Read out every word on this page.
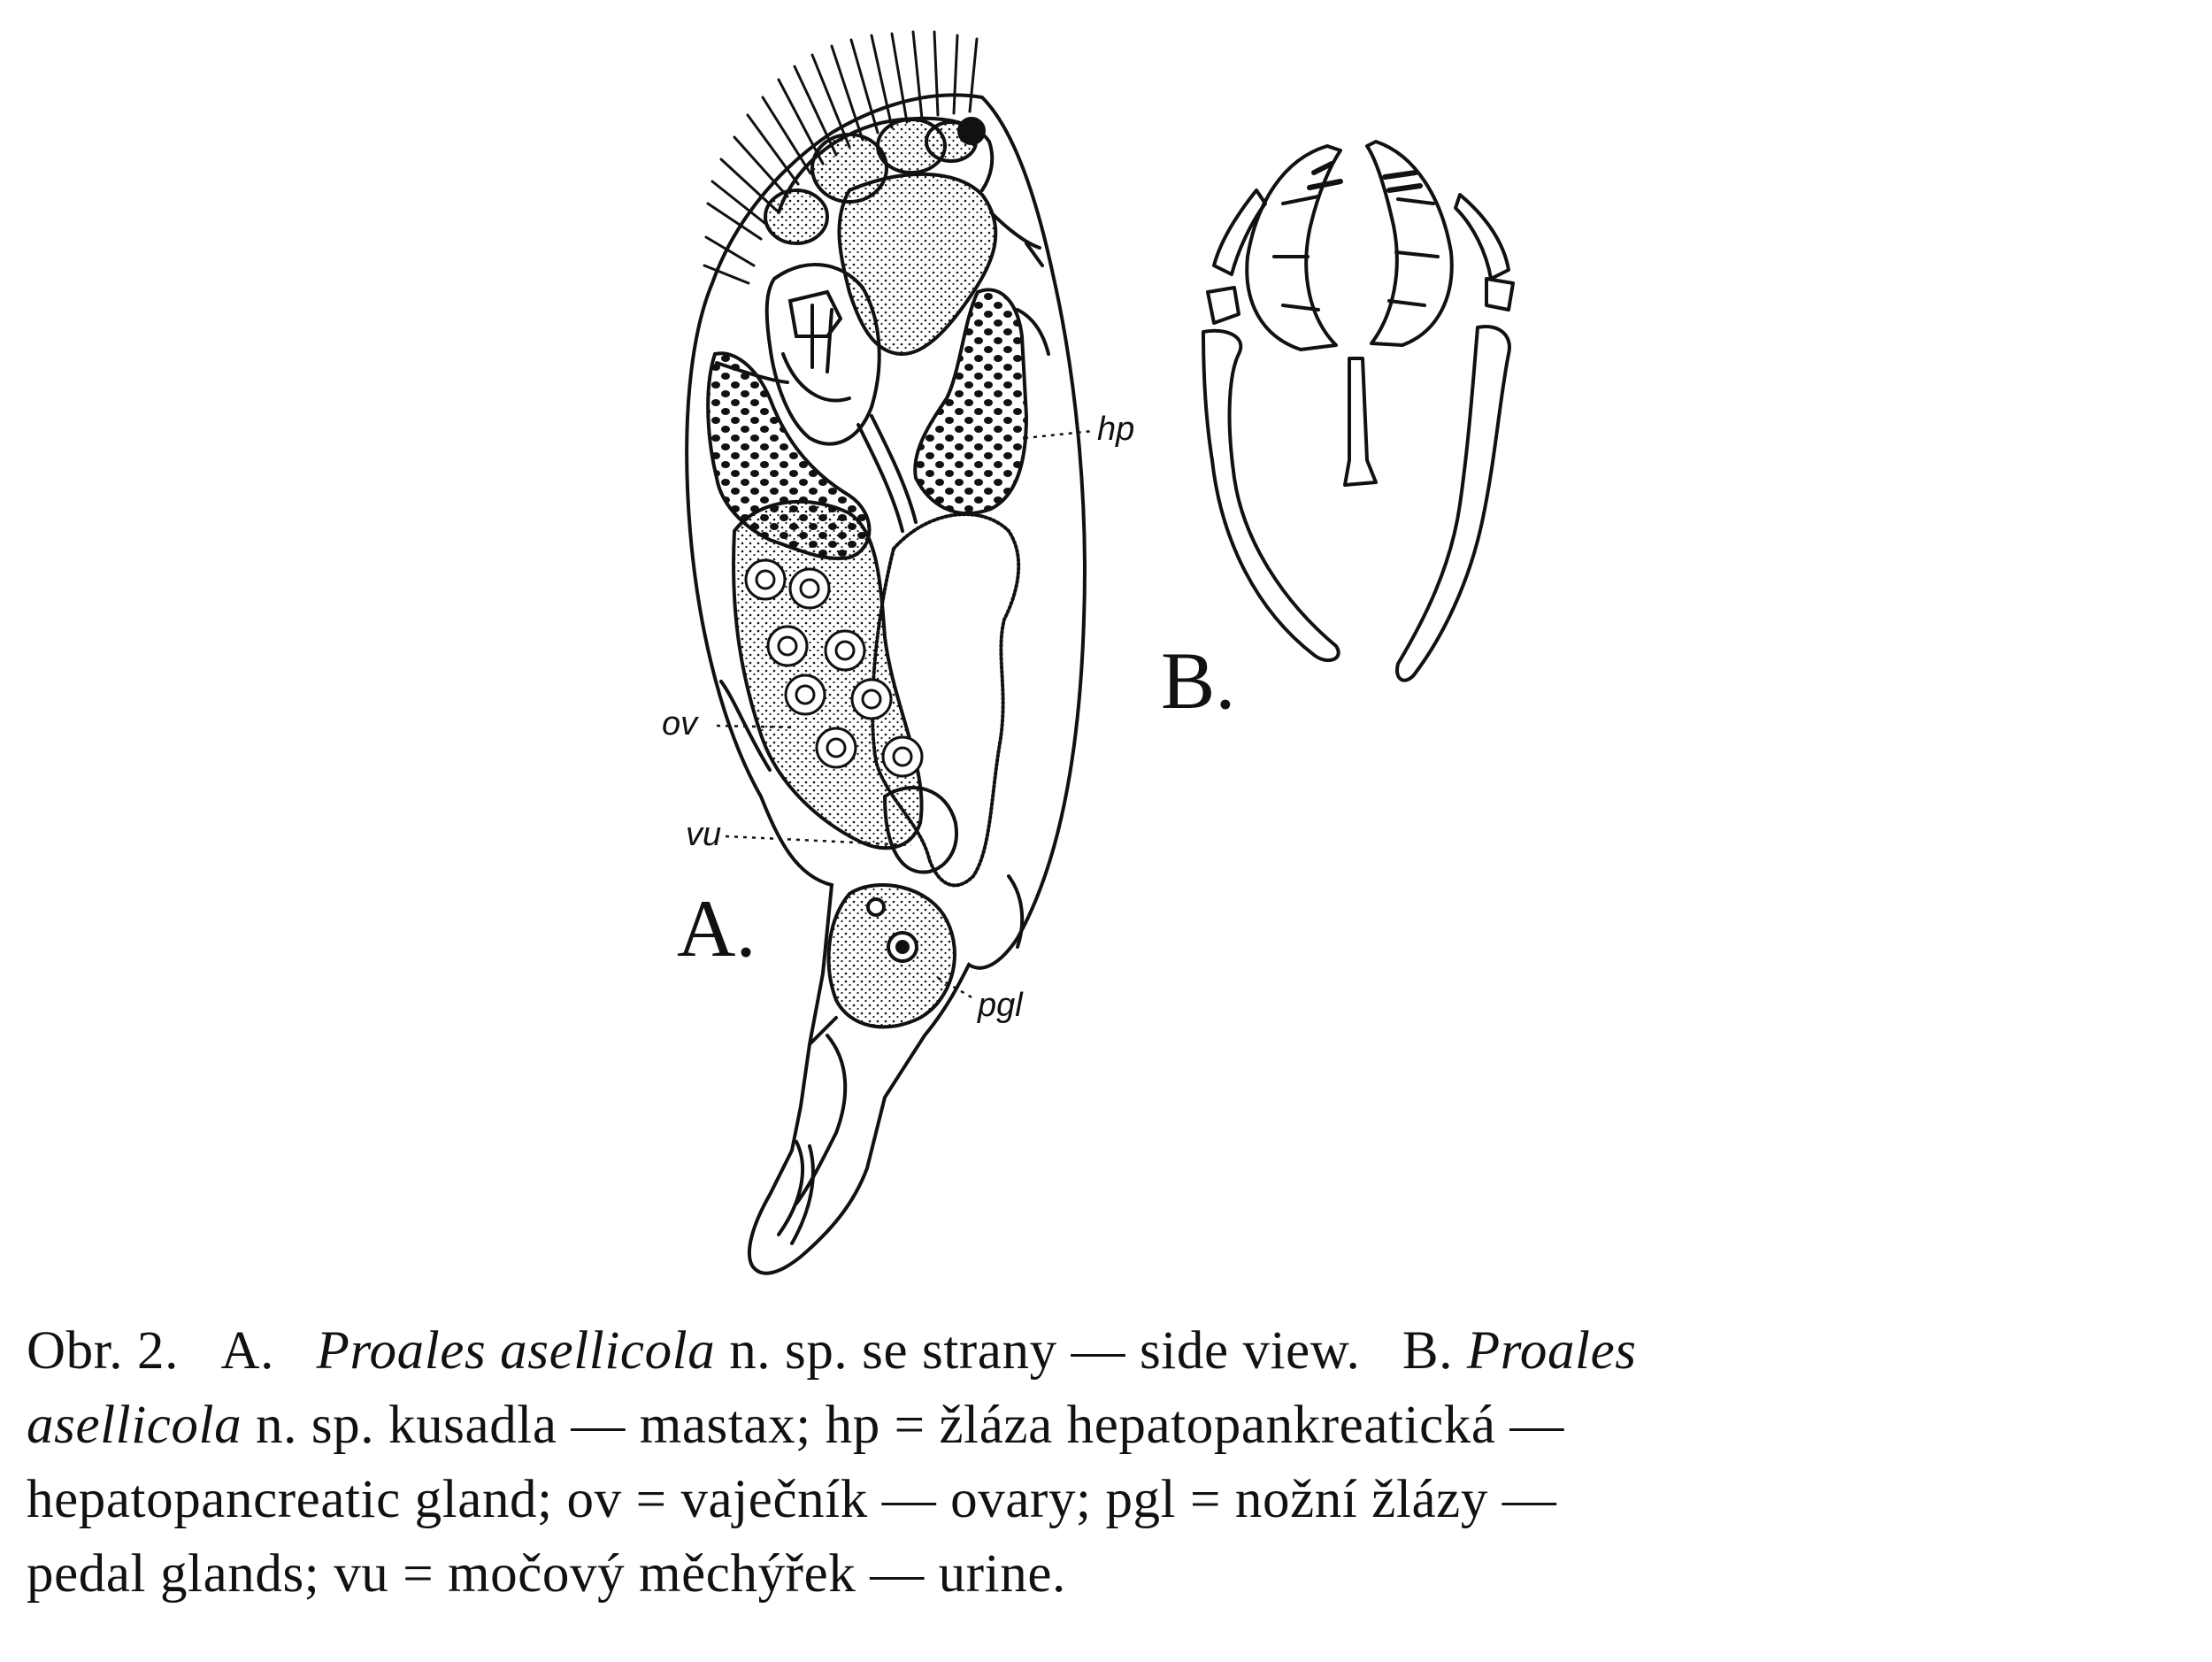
hp
ov
vu
pgl
A.
B.
Obr. 2. A. Proales asellicola n. sp. se strany — side view. B. Proales
asellicola n. sp. kusadla — mastax; hp = žláza hepatopankreatická —
hepatopancreatic gland; ov = vaječník — ovary; pgl = nožní žlázy —
pedal glands; vu = močový měchýřek — urine.
